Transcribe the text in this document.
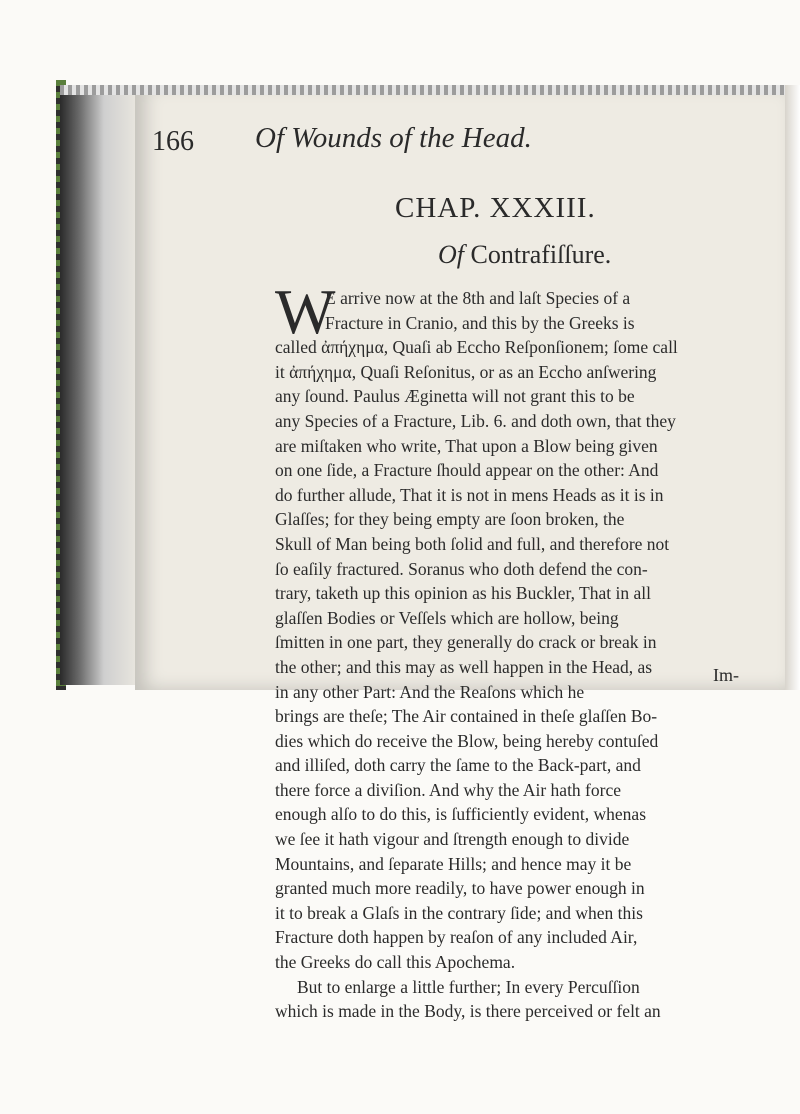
166 Of Wounds of the Head.
CHAP. XXXIII.
Of Contrafiſſure.
W
E arrive now at the 8th and laſt Species of a
Fracture in Cranio, and this by the Greeks is
called ἀπήχημα, Quaſi ab Eccho Reſponſionem; ſome call
it ἀπήχημα, Quaſi Reſonitus, or as an Eccho anſwering
any ſound. Paulus Æginetta will not grant this to be
any Species of a Fracture, Lib. 6. and doth own, that they
are miſtaken who write, That upon a Blow being given
on one ſide, a Fracture ſhould appear on the other: And
do further allude, That it is not in mens Heads as it is in
Glaſſes; for they being empty are ſoon broken, the
Skull of Man being both ſolid and full, and therefore not
ſo eaſily fractured. Soranus who doth defend the con-
trary, taketh up this opinion as his Buckler, That in all
glaſſen Bodies or Veſſels which are hollow, being
ſmitten in one part, they generally do crack or break in
the other; and this may as well happen in the Head, as
in any other Part: And the Reaſons which he
brings are theſe; The Air contained in theſe glaſſen Bo-
dies which do receive the Blow, being hereby contuſed
and illiſed, doth carry the ſame to the Back-part, and
there force a diviſion. And why the Air hath force
enough alſo to do this, is ſufficiently evident, whenas
we ſee it hath vigour and ſtrength enough to divide
Mountains, and ſeparate Hills; and hence may it be
granted much more readily, to have power enough in
it to break a Glaſs in the contrary ſide; and when this
Fracture doth happen by reaſon of any included Air,
the Greeks do call this Apochema.
But to enlarge a little further; In every Percuſſion
which is made in the Body, is there perceived or felt an
Im-
